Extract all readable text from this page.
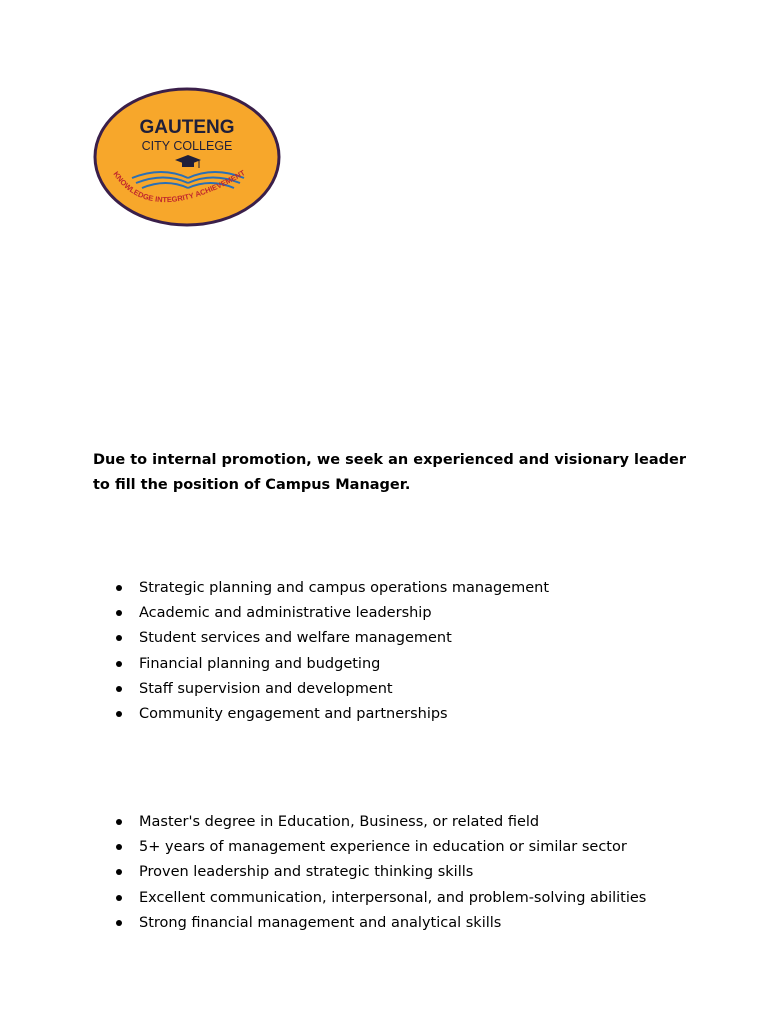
GAUTENG
CITY COLLEGE
KNOWLEDGE INTEGRITY ACHIEVEMENT

Due to internal promotion, we seek an experienced and visionary leader to fill the position of Campus Manager.

Strategic planning and campus operations management
Academic and administrative leadership
Student services and welfare management
Financial planning and budgeting
Staff supervision and development
Community engagement and partnerships
Master's degree in Education, Business, or related field
5+ years of management experience in education or similar sector
Proven leadership and strategic thinking skills
Excellent communication, interpersonal, and problem-solving abilities
Strong financial management and analytical skills
